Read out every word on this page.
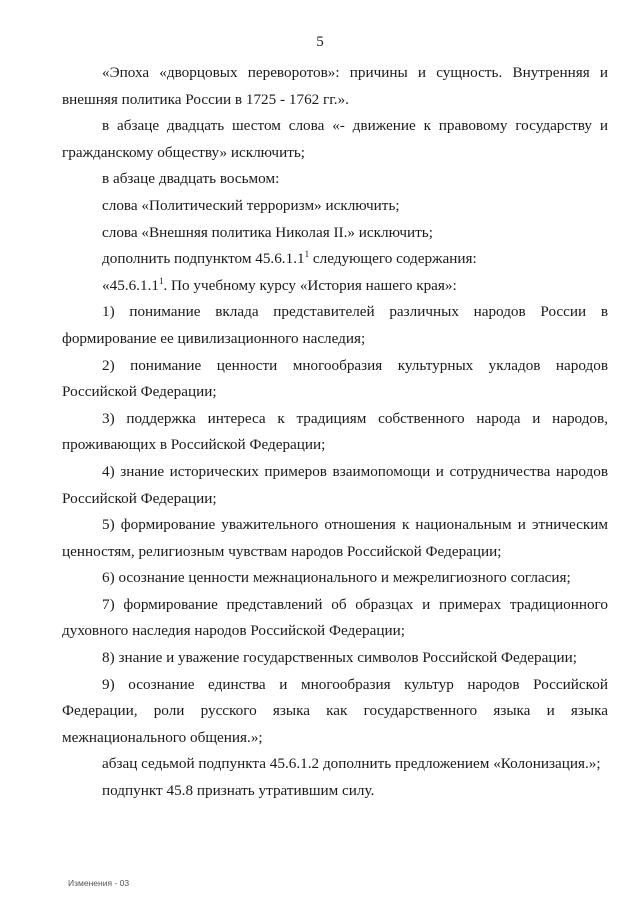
5

«Эпоха «дворцовых переворотов»: причины и сущность. Внутренняя и внешняя политика России в 1725 - 1762 гг.».

в абзаце двадцать шестом слова «- движение к правовому государству и гражданскому обществу» исключить;

в абзаце двадцать восьмом:

слова «Политический терроризм» исключить;

слова «Внешняя политика Николая II.» исключить;

дополнить подпунктом 45.6.1.1$^1$ следующего содержания:

«45.6.1.1$^1$. По учебному курсу «История нашего края»:

1) понимание вклада представителей различных народов России в формирование ее цивилизационного наследия;

2) понимание ценности многообразия культурных укладов народов Российской Федерации;

3) поддержка интереса к традициям собственного народа и народов, проживающих в Российской Федерации;

4) знание исторических примеров взаимопомощи и сотрудничества народов Российской Федерации;

5) формирование уважительного отношения к национальным и этническим ценностям, религиозным чувствам народов Российской Федерации;

6) осознание ценности межнационального и межрелигиозного согласия;

7) формирование представлений об образцах и примерах традиционного духовного наследия народов Российской Федерации;

8) знание и уважение государственных символов Российской Федерации;

9) осознание единства и многообразия культур народов Российской Федерации, роли русского языка как государственного языка и языка межнационального общения.»;

абзац седьмой подпункта 45.6.1.2 дополнить предложением «Колонизация.»;

подпункт 45.8 признать утратившим силу.

Изменения - 03
